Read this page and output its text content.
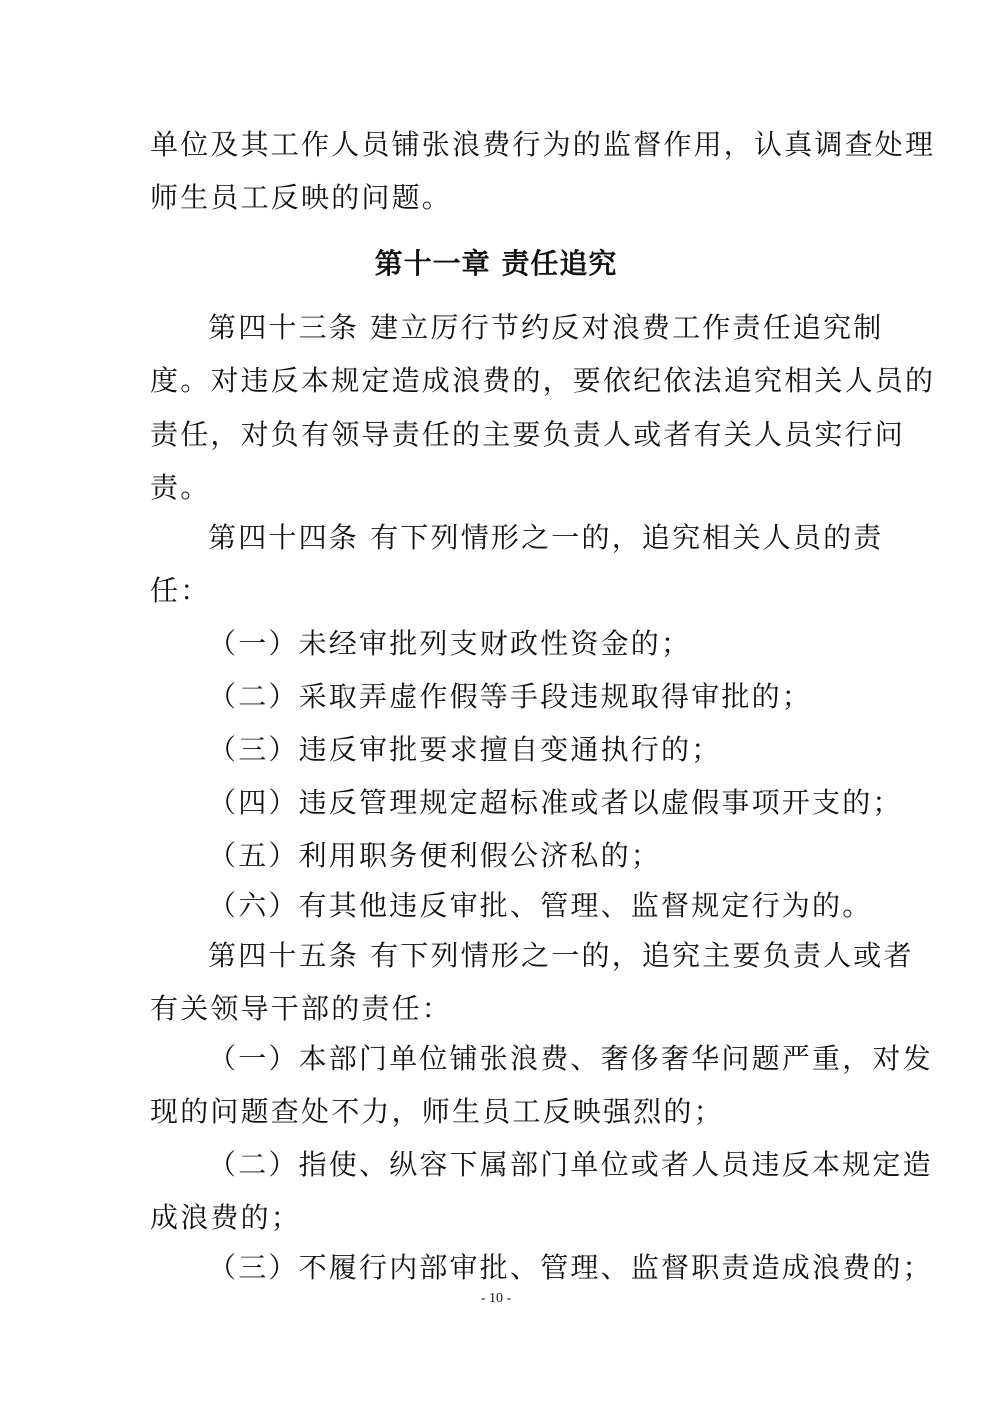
单位及其工作人员铺张浪费行为的监督作用，认真调查处理
师生员工反映的问题。
第十一章 责任追究
第四十三条 建立厉行节约反对浪费工作责任追究制
度。对违反本规定造成浪费的，要依纪依法追究相关人员的
责任，对负有领导责任的主要负责人或者有关人员实行问
责。
第四十四条 有下列情形之一的，追究相关人员的责
任：
（一）未经审批列支财政性资金的；
（二）采取弄虚作假等手段违规取得审批的；
（三）违反审批要求擅自变通执行的；
（四）违反管理规定超标准或者以虚假事项开支的；
（五）利用职务便利假公济私的；
（六）有其他违反审批、管理、监督规定行为的。
第四十五条 有下列情形之一的，追究主要负责人或者
有关领导干部的责任：
（一）本部门单位铺张浪费、奢侈奢华问题严重，对发
现的问题查处不力，师生员工反映强烈的；
（二）指使、纵容下属部门单位或者人员违反本规定造
成浪费的；
（三）不履行内部审批、管理、监督职责造成浪费的；
- 10 -
